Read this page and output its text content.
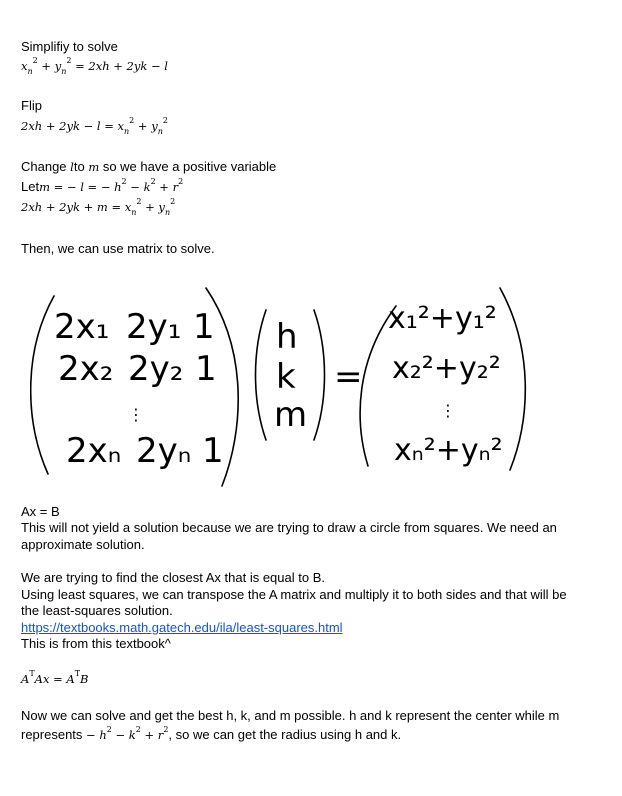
Simplifiy to solve
$x_n^2 + y_n^2 = 2xh + 2yk - l$
Flip
$2xh + 2yk - l = x_n^2 + y_n^2$
Change lto m so we have a positive variable
Letm = − l = − $h^2 - k^2 + r^2$
$2xh + 2yk + m = x_n^2 + y_n^2$
Then, we can use matrix to solve.
2x₁ 2y₁ 1
2x₂ 2y₂ 1
⋮
2xₙ 2yₙ 1
h
k
m
=
x₁²+y₁²
x₂²+y₂²
⋮
xₙ²+yₙ²
Ax = B
This will not yield a solution because we are trying to draw a circle from squares. We need an
approximate solution.
We are trying to find the closest Ax that is equal to B.
Using least squares, we can transpose the A matrix and multiply it to both sides and that will be
the least-squares solution.
https://textbooks.math.gatech.edu/ila/least-squares.html
This is from this textbook^
$A^TAx = A^TB$
Now we can solve and get the best h, k, and m possible. h and k represent the center while m
represents − $h^2 - k^2 + r^2$, so we can get the radius using h and k.
